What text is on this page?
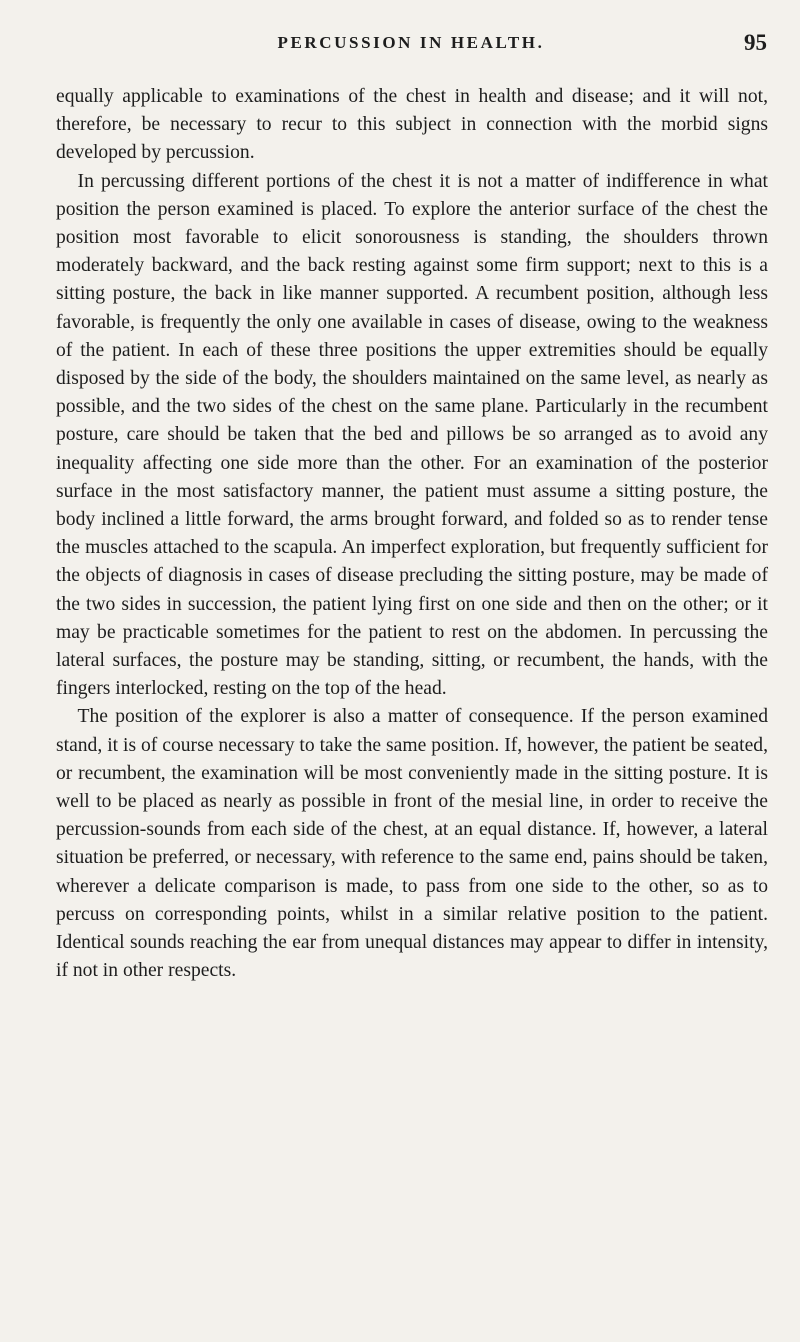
PERCUSSION IN HEALTH.	95

equally applicable to examinations of the chest in health and disease; and it will not, therefore, be necessary to recur to this subject in connection with the morbid signs developed by percussion.

In percussing different portions of the chest it is not a matter of indifference in what position the person examined is placed. To explore the anterior surface of the chest the position most favorable to elicit sonorousness is standing, the shoulders thrown moderately backward, and the back resting against some firm support; next to this is a sitting posture, the back in like manner supported. A recumbent position, although less favorable, is frequently the only one available in cases of disease, owing to the weakness of the patient. In each of these three positions the upper extremities should be equally disposed by the side of the body, the shoulders maintained on the same level, as nearly as possible, and the two sides of the chest on the same plane. Particularly in the recumbent posture, care should be taken that the bed and pillows be so arranged as to avoid any inequality affecting one side more than the other. For an examination of the posterior surface in the most satisfactory manner, the patient must assume a sitting posture, the body inclined a little forward, the arms brought forward, and folded so as to render tense the muscles attached to the scapula. An imperfect exploration, but frequently sufficient for the objects of diagnosis in cases of disease precluding the sitting posture, may be made of the two sides in succession, the patient lying first on one side and then on the other; or it may be practicable sometimes for the patient to rest on the abdomen. In percussing the lateral surfaces, the posture may be standing, sitting, or recumbent, the hands, with the fingers interlocked, resting on the top of the head.

The position of the explorer is also a matter of consequence. If the person examined stand, it is of course necessary to take the same position. If, however, the patient be seated, or recumbent, the examination will be most conveniently made in the sitting posture. It is well to be placed as nearly as possible in front of the mesial line, in order to receive the percussion-sounds from each side of the chest, at an equal distance. If, however, a lateral situation be preferred, or necessary, with reference to the same end, pains should be taken, wherever a delicate comparison is made, to pass from one side to the other, so as to percuss on corresponding points, whilst in a similar relative position to the patient. Identical sounds reaching the ear from unequal distances may appear to differ in intensity, if not in other respects.
